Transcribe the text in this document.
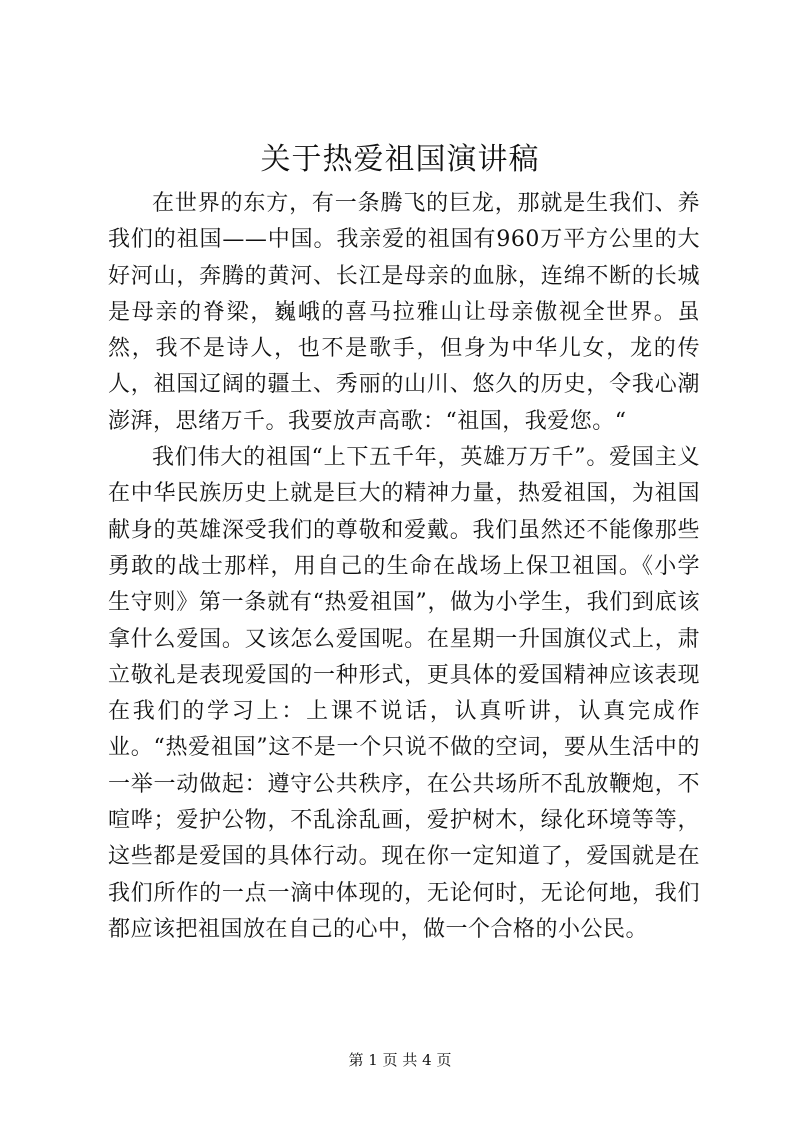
关于热爱祖国演讲稿

在世界的东方，有一条腾飞的巨龙，那就是生我们、养我们的祖国——中国。我亲爱的祖国有960万平方公里的大好河山，奔腾的黄河、长江是母亲的血脉，连绵不断的长城是母亲的脊梁，巍峨的喜马拉雅山让母亲傲视全世界。虽然，我不是诗人，也不是歌手，但身为中华儿女，龙的传人，祖国辽阔的疆土、秀丽的山川、悠久的历史，令我心潮澎湃，思绪万千。我要放声高歌：“祖国，我爱您。“

我们伟大的祖国“上下五千年，英雄万万千”。爱国主义在中华民族历史上就是巨大的精神力量，热爱祖国，为祖国献身的英雄深受我们的尊敬和爱戴。我们虽然还不能像那些勇敢的战士那样，用自己的生命在战场上保卫祖国。《小学生守则》第一条就有“热爱祖国”，做为小学生，我们到底该拿什么爱国。又该怎么爱国呢。在星期一升国旗仪式上，肃立敬礼是表现爱国的一种形式，更具体的爱国精神应该表现在我们的学习上：上课不说话，认真听讲，认真完成作业。“热爱祖国”这不是一个只说不做的空词，要从生活中的一举一动做起：遵守公共秩序，在公共场所不乱放鞭炮，不喧哗；爱护公物，不乱涂乱画，爱护树木，绿化环境等等，这些都是爱国的具体行动。现在你一定知道了，爱国就是在我们所作的一点一滴中体现的，无论何时，无论何地，我们都应该把祖国放在自己的心中，做一个合格的小公民。

第 1 页 共 4 页
